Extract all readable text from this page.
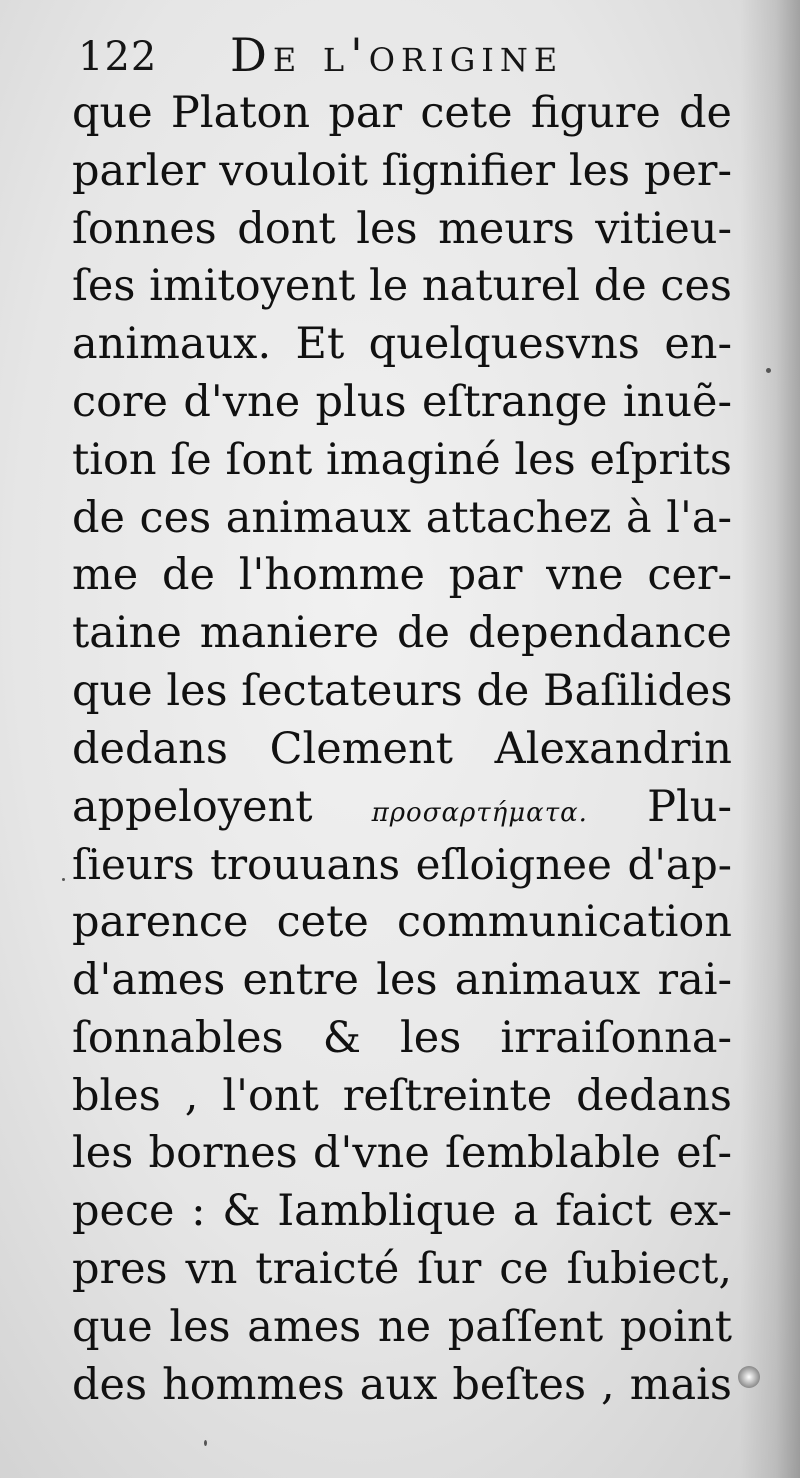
122 De l'origine
que Platon par cete figure de
parler vouloit ſignifier les per-
ſonnes dont les meurs vitieu-
ſes imitoyent le naturel de ces
animaux. Et quelquesvns en-
core d'vne plus eſtrange inuẽ-
tion ſe ſont imaginé les eſprits
de ces animaux attachez à l'a-
me de l'homme par vne cer-
taine maniere de dependance
que les ſectateurs de Baſilides
dedans Clement Alexandrin
appeloyent προσαρτήματα. Plu-
ſieurs trouuans eſloignee d'ap-
parence cete communication
d'ames entre les animaux rai-
ſonnables & les irraiſonna-
bles , l'ont reſtreinte dedans
les bornes d'vne ſemblable eſ-
pece : & Iamblique a faict ex-
pres vn traicté ſur ce ſubiect,
que les ames ne paſſent point
des hommes aux beſtes , mais
